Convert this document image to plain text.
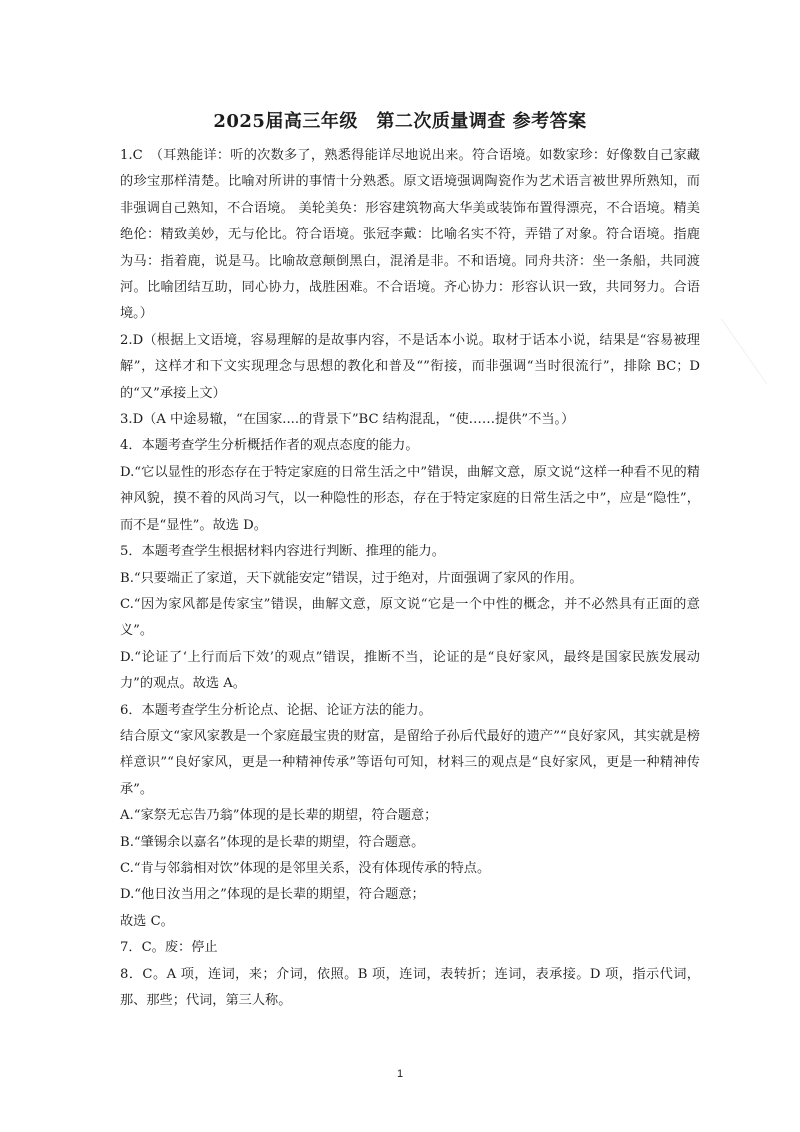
2025届高三年级　第二次质量调查 参考答案

1.C　（耳熟能详：听的次数多了，熟悉得能详尽地说出来。符合语境。如数家珍：好像数自己家藏的珍宝那样清楚。比喻对所讲的事情十分熟悉。原文语境强调陶瓷作为艺术语言被世界所熟知，而非强调自己熟知，不合语境。 美轮美奂：形容建筑物高大华美或装饰布置得漂亮，不合语境。精美绝伦：精致美妙，无与伦比。符合语境。张冠李戴：比喻名实不符，弄错了对象。符合语境。指鹿为马：指着鹿，说是马。比喻故意颠倒黑白，混淆是非。不和语境。同舟共济：坐一条船，共同渡河。比喻团结互助，同心协力，战胜困难。不合语境。齐心协力：形容认识一致，共同努力。合语境。）

2.D（根据上文语境，容易理解的是故事内容，不是话本小说。取材于话本小说，结果是“容易被理解”，这样才和下文实现理念与思想的教化和普及“”衔接，而非强调“当时很流行”，排除 BC；D 的“又”承接上文）

3.D（A 中途易辙，“在国家....的背景下”BC 结构混乱，“使……提供”不当。）

4．本题考查学生分析概括作者的观点态度的能力。

D.“它以显性的形态存在于特定家庭的日常生活之中”错误，曲解文意，原文说“这样一种看不见的精神风貌，摸不着的风尚习气，以一种隐性的形态，存在于特定家庭的日常生活之中”，应是“隐性”，而不是“显性”。故选 D。

5．本题考查学生根据材料内容进行判断、推理的能力。

B.“只要端正了家道，天下就能安定”错误，过于绝对，片面强调了家风的作用。

C.“因为家风都是传家宝”错误，曲解文意，原文说“它是一个中性的概念，并不必然具有正面的意义”。

D.“论证了‘上行而后下效’的观点”错误，推断不当，论证的是“良好家风，最终是国家民族发展动力”的观点。故选 A。

6．本题考查学生分析论点、论据、论证方法的能力。

结合原文“家风家教是一个家庭最宝贵的财富，是留给子孙后代最好的遗产”“良好家风，其实就是榜样意识”“良好家风，更是一种精神传承”等语句可知，材料三的观点是“良好家风，更是一种精神传承”。

A.“家祭无忘告乃翁”体现的是长辈的期望，符合题意；

B.“肇锡余以嘉名”体现的是长辈的期望，符合题意。

C.“肯与邻翁相对饮”体现的是邻里关系，没有体现传承的特点。

D.“他日汝当用之”体现的是长辈的期望，符合题意；

故选 C。

7．C。废：停止

8．C。A 项，连词，来；介词，依照。B 项，连词，表转折；连词，表承接。D 项，指示代词，那、那些；代词，第三人称。

1
